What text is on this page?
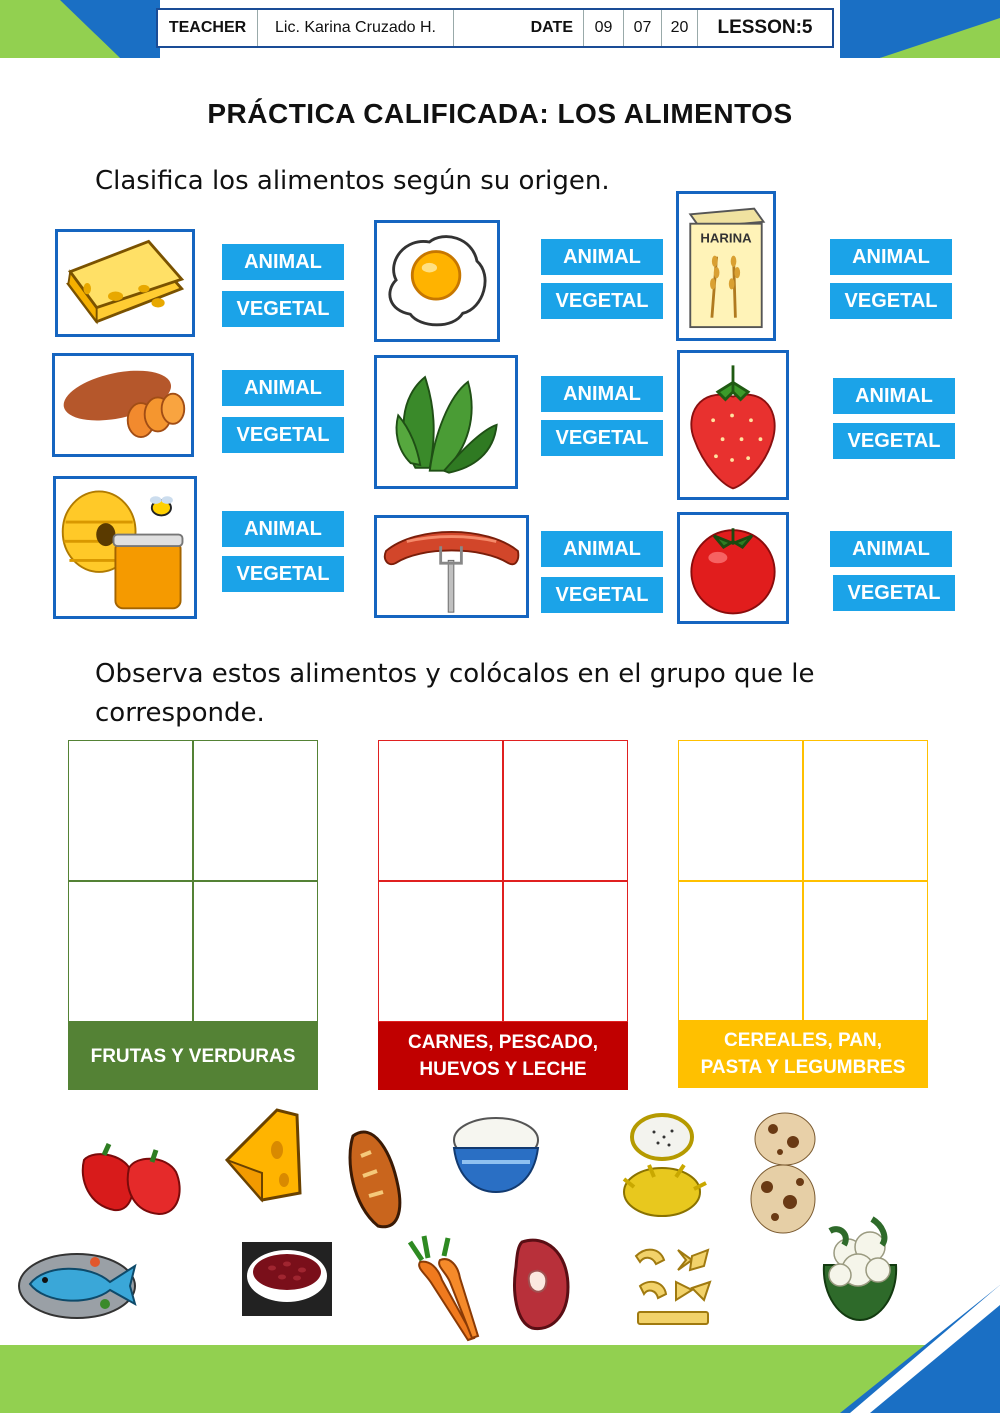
TEACHER	Lic. Karina Cruzado H.	DATE	09	07	20	LESSON:5
PRÁCTICA CALIFICADA: LOS ALIMENTOS
Clasifica los alimentos según su origen.
ANIMAL
VEGETAL
ANIMAL
VEGETAL
HARINA
ANIMAL
VEGETAL
ANIMAL
VEGETAL
ANIMAL
VEGETAL
ANIMAL
VEGETAL
ANIMAL
VEGETAL
ANIMAL
VEGETAL
ANIMAL
VEGETAL
Observa estos alimentos y colócalos en el grupo que le
corresponde.
FRUTAS Y VERDURAS
CARNES, PESCADO,
HUEVOS Y LECHE
CEREALES, PAN,
PASTA Y LEGUMBRES
